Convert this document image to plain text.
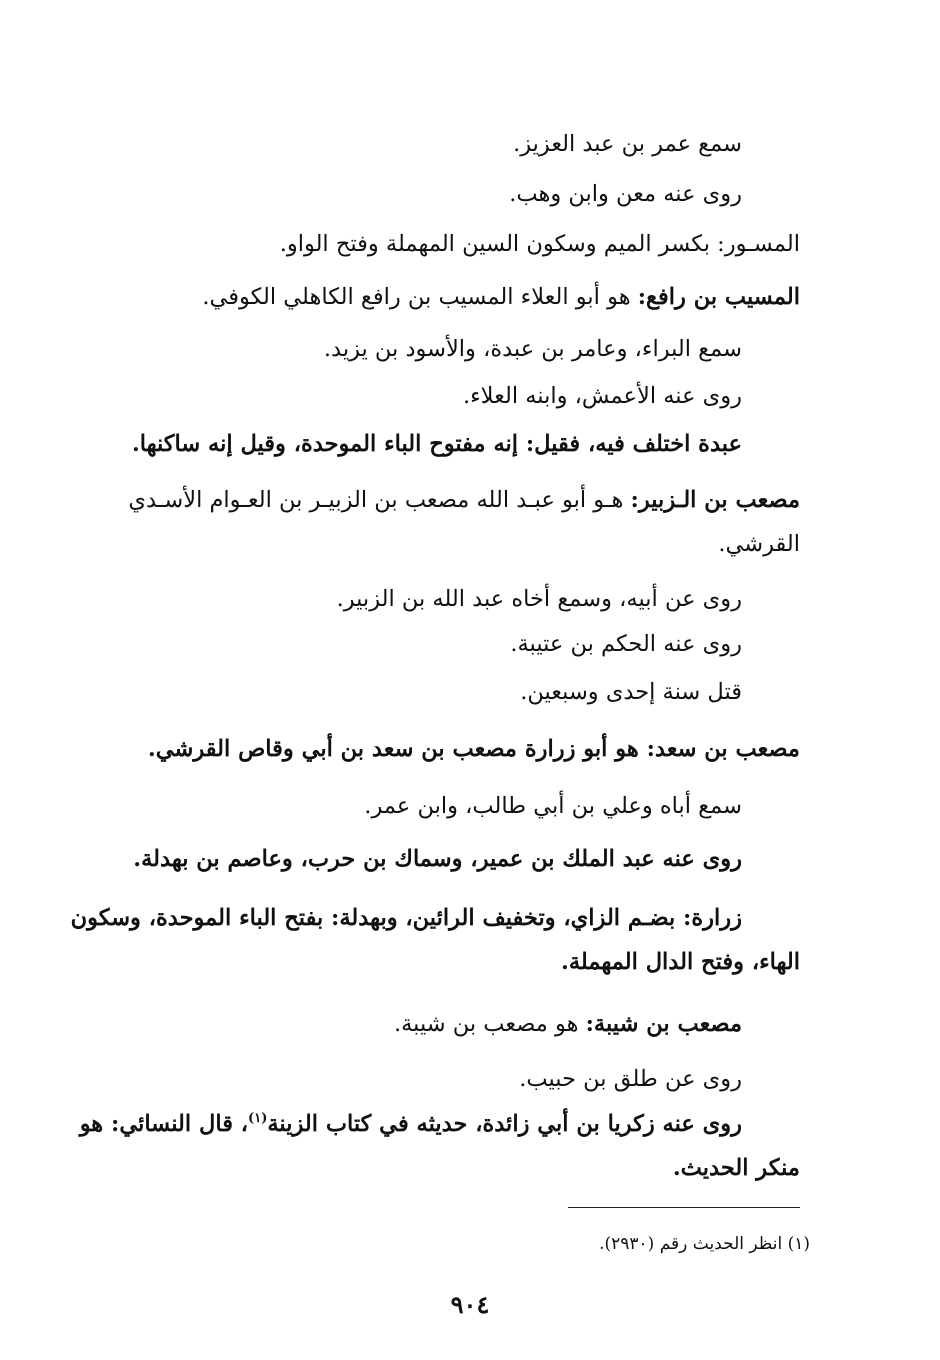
سمع عمر بن عبد العزيز.
روى عنه معن وابن وهب.
المسـور: بكسر الميم وسكون السين المهملة وفتح الواو.
المسيب بن رافع: هو أبو العلاء المسيب بن رافع الكاهلي الكوفي.
سمع البراء، وعامر بن عبدة، والأسود بن يزيد.
روى عنه الأعمش، وابنه العلاء.
عبدة اختلف فيه، فقيل: إنه مفتوح الباء الموحدة، وقيل إنه ساكنها.
مصعب بن الـزبير: هـو أبو عبـد الله مصعب بن الزبيـر بن العـوام الأسـدي
القرشي.
روى عن أبيه، وسمع أخاه عبد الله بن الزبير.
روى عنه الحكم بن عتيبة.
قتل سنة إحدى وسبعين.
مصعب بن سعد: هو أبو زرارة مصعب بن سعد بن أبي وقاص القرشي.
سمع أباه وعلي بن أبي طالب، وابن عمر.
روى عنه عبد الملك بن عمير، وسماك بن حرب، وعاصم بن بهدلة.
زرارة: بضـم الزاي، وتخفيف الرائين، وبهدلة: بفتح الباء الموحدة، وسكون
الهاء، وفتح الدال المهملة.
مصعب بن شيبة: هو مصعب بن شيبة.
روى عن طلق بن حبيب.
روى عنه زكريا بن أبي زائدة، حديثه في كتاب الزينة$^{(١)}$، قال النسائي: هو
منكر الحديث.
(١) انظر الحديث رقم (٢٩٣٠).
٩٠٤
